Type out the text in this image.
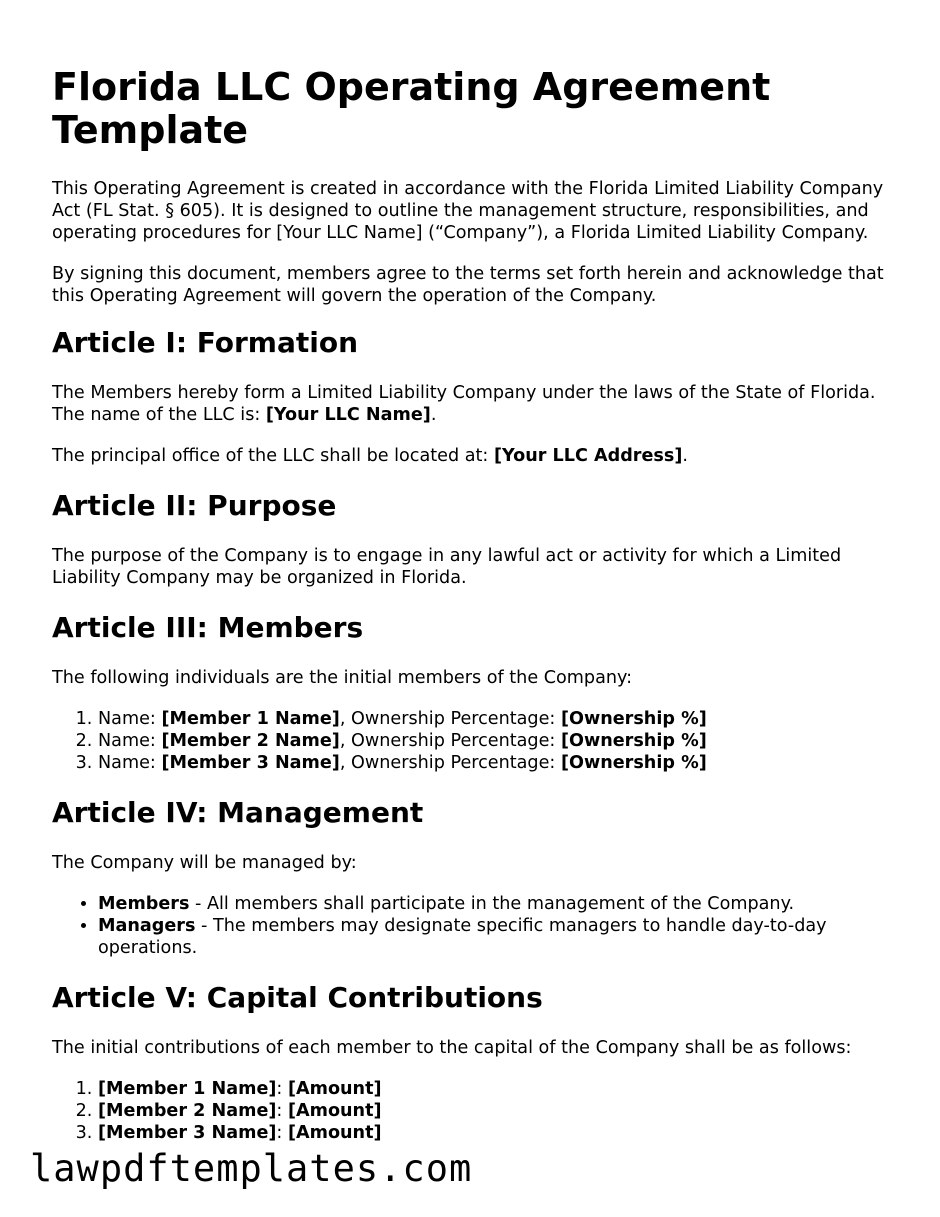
Florida LLC Operating Agreement Template

This Operating Agreement is created in accordance with the Florida Limited Liability Company Act (FL Stat. § 605). It is designed to outline the management structure, responsibilities, and operating procedures for [Your LLC Name] (“Company”), a Florida Limited Liability Company.

By signing this document, members agree to the terms set forth herein and acknowledge that this Operating Agreement will govern the operation of the Company.

Article I: Formation

The Members hereby form a Limited Liability Company under the laws of the State of Florida. The name of the LLC is: [Your LLC Name].

The principal office of the LLC shall be located at: [Your LLC Address].

Article II: Purpose

The purpose of the Company is to engage in any lawful act or activity for which a Limited Liability Company may be organized in Florida.

Article III: Members

The following individuals are the initial members of the Company:

1. Name: [Member 1 Name], Ownership Percentage: [Ownership %]
2. Name: [Member 2 Name], Ownership Percentage: [Ownership %]
3. Name: [Member 3 Name], Ownership Percentage: [Ownership %]
Article IV: Management

The Company will be managed by:

• Members - All members shall participate in the management of the Company.
• Managers - The members may designate specific managers to handle day-to-day operations.
Article V: Capital Contributions

The initial contributions of each member to the capital of the Company shall be as follows:

1. [Member 1 Name]: [Amount]
2. [Member 2 Name]: [Amount]
3. [Member 3 Name]: [Amount]
lawpdftemplates.com
